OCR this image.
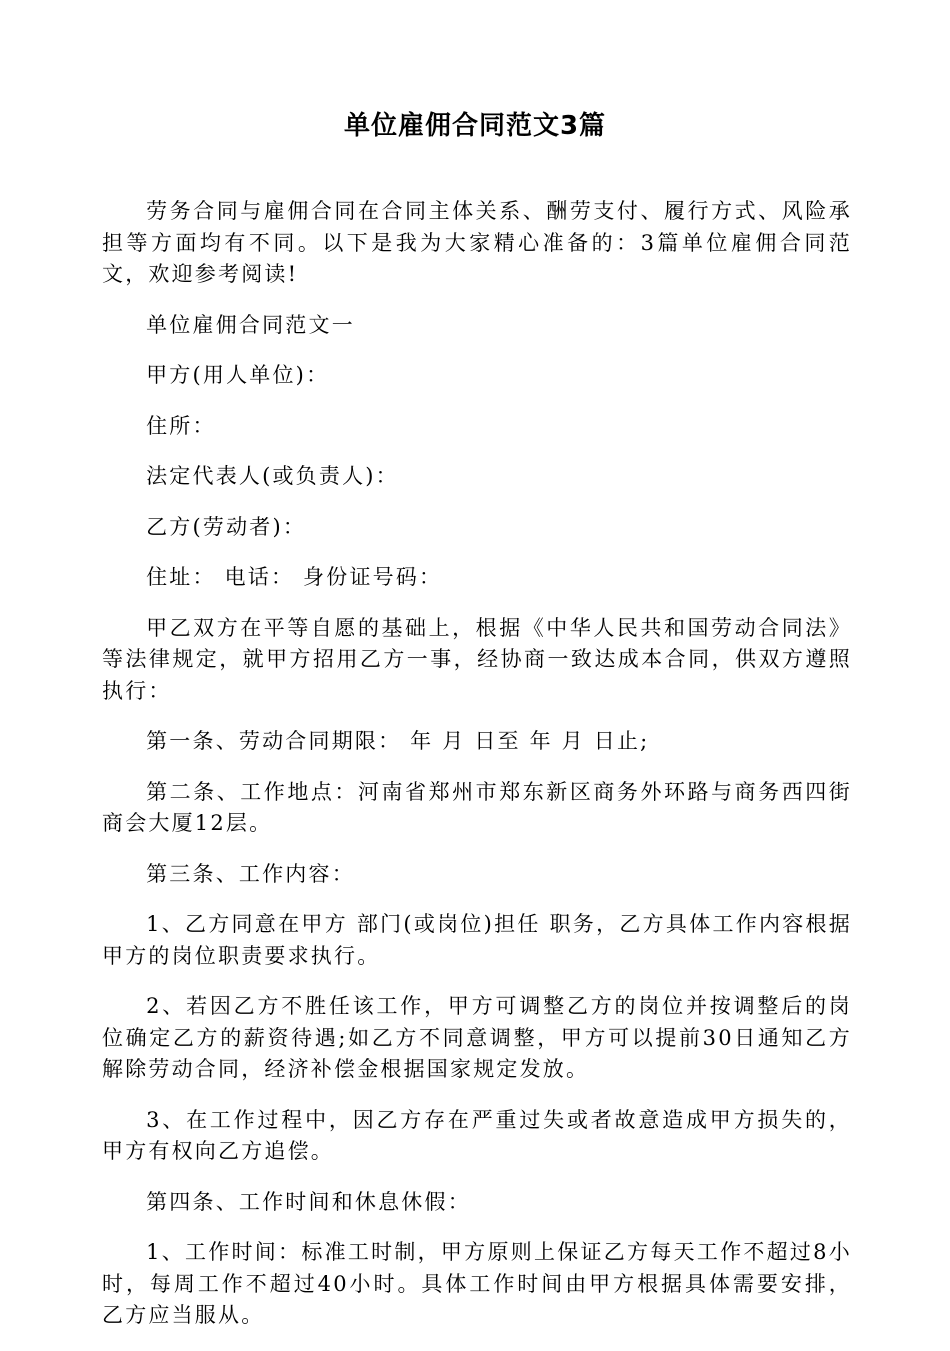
单位雇佣合同范文3篇

劳务合同与雇佣合同在合同主体关系、酬劳支付、履行方式、风险承担等方面均有不同。以下是我为大家精心准备的：3篇单位雇佣合同范文，欢迎参考阅读!

单位雇佣合同范文一

甲方(用人单位)：

住所：

法定代表人(或负责人)：

乙方(劳动者)：

住址： 电话： 身份证号码：

甲乙双方在平等自愿的基础上，根据《中华人民共和国劳动合同法》等法律规定，就甲方招用乙方一事，经协商一致达成本合同，供双方遵照执行：

第一条、劳动合同期限： 年 月 日至 年 月 日止;

第二条、工作地点：河南省郑州市郑东新区商务外环路与商务西四街商会大厦12层。

第三条、工作内容：

1、乙方同意在甲方 部门(或岗位)担任 职务，乙方具体工作内容根据甲方的岗位职责要求执行。

2、若因乙方不胜任该工作，甲方可调整乙方的岗位并按调整后的岗位确定乙方的薪资待遇;如乙方不同意调整，甲方可以提前30日通知乙方解除劳动合同，经济补偿金根据国家规定发放。

3、在工作过程中，因乙方存在严重过失或者故意造成甲方损失的，甲方有权向乙方追偿。

第四条、工作时间和休息休假：

1、工作时间：标准工时制，甲方原则上保证乙方每天工作不超过8小时，每周工作不超过40小时。具体工作时间由甲方根据具体需要安排，乙方应当服从。
